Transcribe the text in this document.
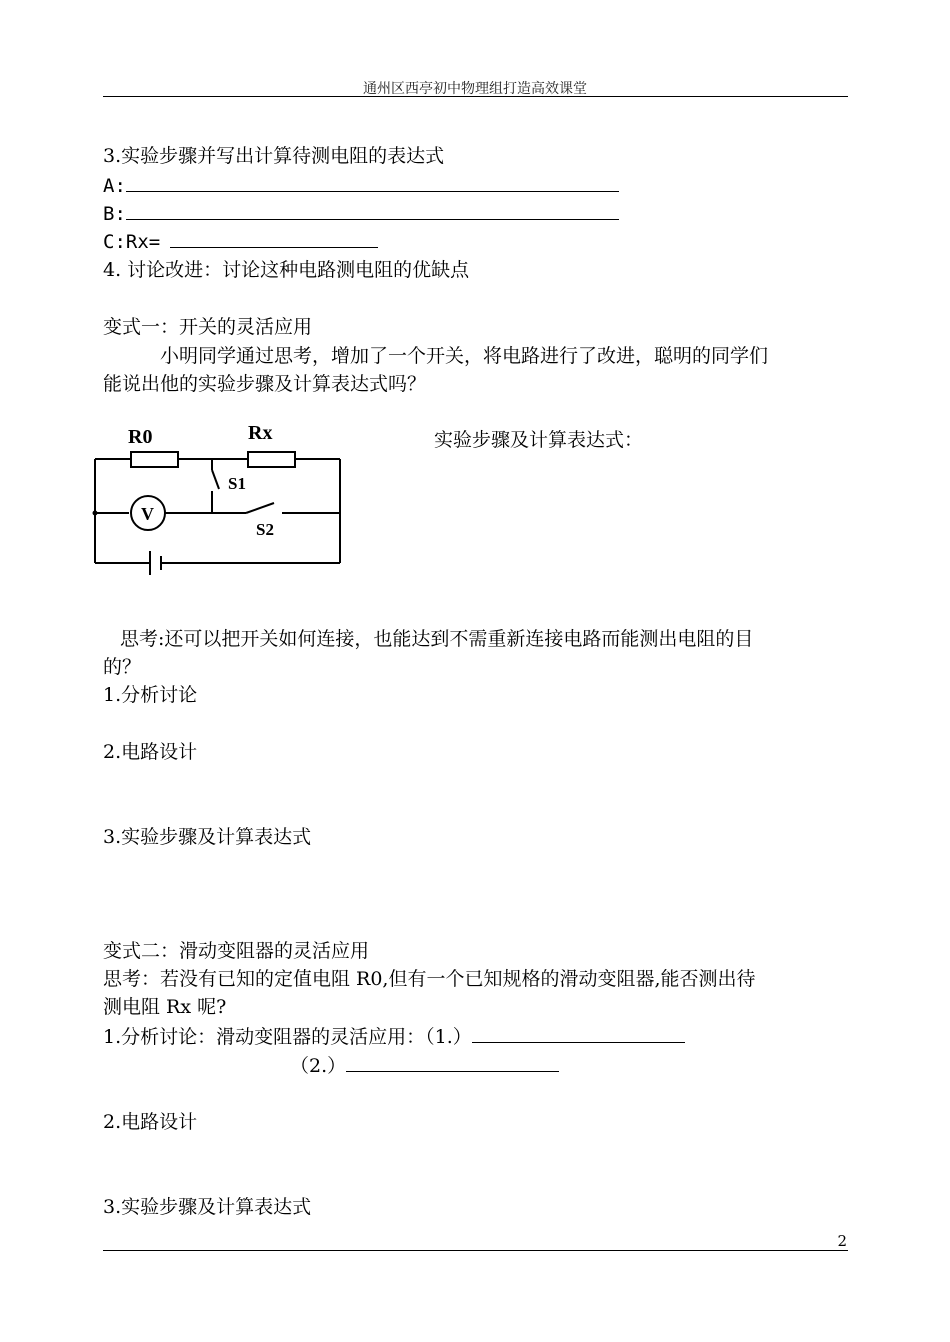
通州区西亭初中物理组打造高效课堂
3.实验步骤并写出计算待测电阻的表达式
A:
B:
C:Rx=
4. 讨论改进：讨论这种电路测电阻的优缺点
变式一：开关的灵活应用
小明同学通过思考，增加了一个开关，将电路进行了改进，聪明的同学们
能说出他的实验步骤及计算表达式吗？
R0	Rx
V
S1
S2
实验步骤及计算表达式：
思考:还可以把开关如何连接，也能达到不需重新连接电路而能测出电阻的目
的？
1.分析讨论
2.电路设计
3.实验步骤及计算表达式
变式二：滑动变阻器的灵活应用
思考：若没有已知的定值电阻 R0,但有一个已知规格的滑动变阻器,能否测出待
测电阻 Rx 呢?
1.分析讨论：滑动变阻器的灵活应用：（1.）
（2.）
2.电路设计
3.实验步骤及计算表达式
2
